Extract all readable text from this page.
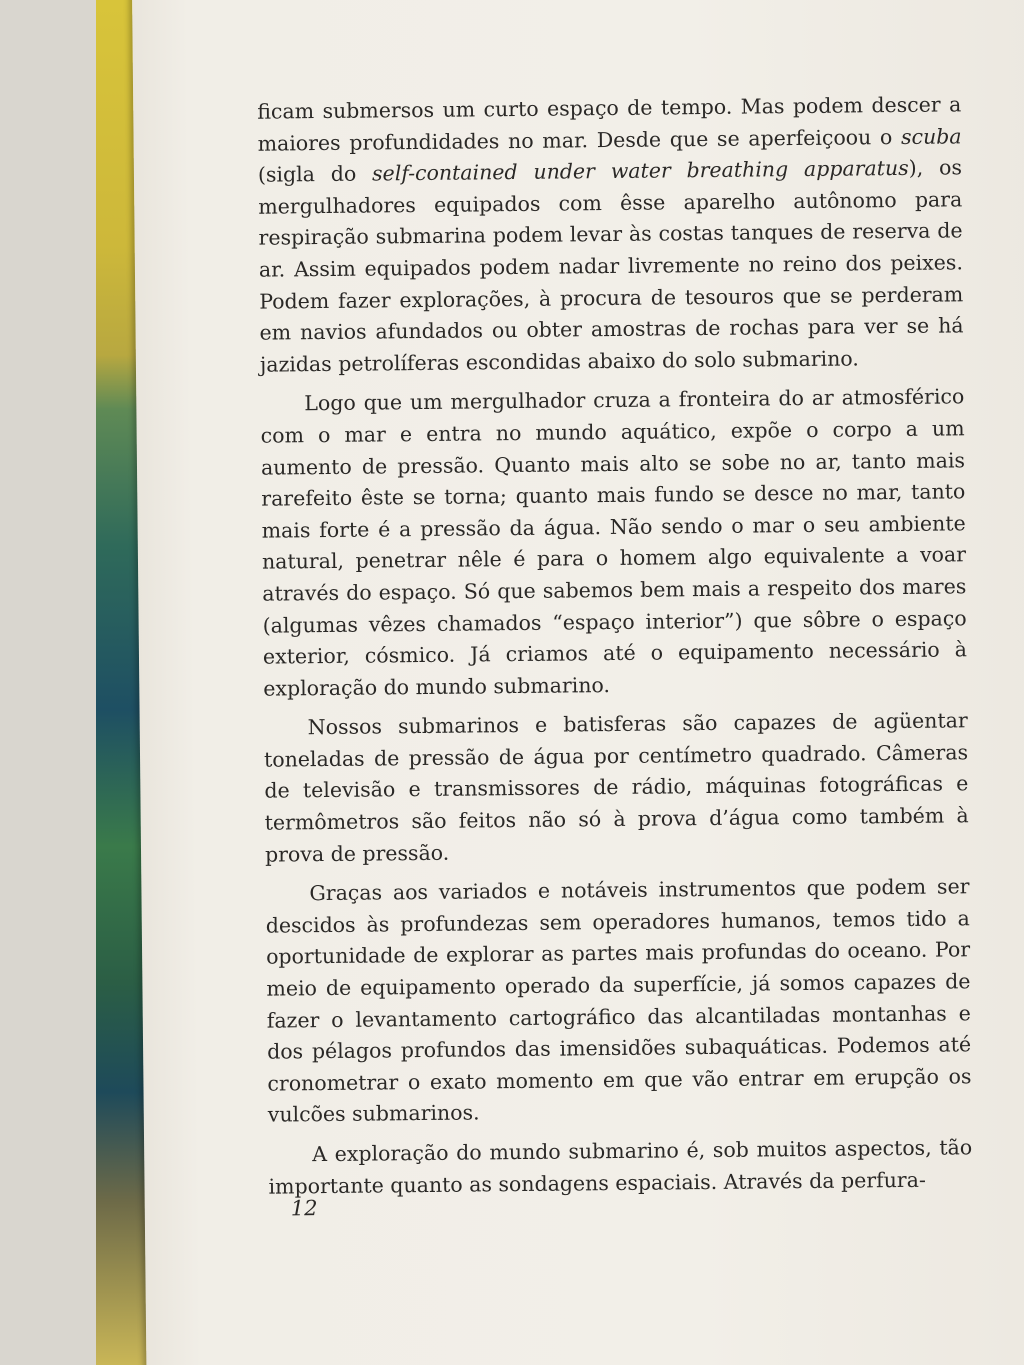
ficam submersos um curto espaço de tempo. Mas podem descer a maiores profundidades no mar. Desde que se aperfeiçoou o scuba (sigla do self-contained under water breathing apparatus), os mergulhadores equipados com êsse aparelho autônomo para respiração submarina podem levar às costas tanques de reserva de ar. Assim equipados podem nadar livremente no reino dos peixes. Podem fazer explorações, à procura de tesouros que se perderam em navios afundados ou obter amostras de rochas para ver se há jazidas petrolíferas escondidas abaixo do solo submarino.

Logo que um mergulhador cruza a fronteira do ar atmosférico com o mar e entra no mundo aquático, expõe o corpo a um aumento de pressão. Quanto mais alto se sobe no ar, tanto mais rarefeito êste se torna; quanto mais fundo se desce no mar, tanto mais forte é a pressão da água. Não sendo o mar o seu ambiente natural, penetrar nêle é para o homem algo equivalente a voar através do espaço. Só que sabemos bem mais a respeito dos mares (algumas vêzes chamados “espaço interior”) que sôbre o espaço exterior, cósmico. Já criamos até o equipamento necessário à exploração do mundo submarino.

Nossos submarinos e batisferas são capazes de agüentar toneladas de pressão de água por centímetro quadrado. Câmeras de televisão e transmissores de rádio, máquinas fotográficas e termômetros são feitos não só à prova d’água como também à prova de pressão.

Graças aos variados e notáveis instrumentos que podem ser descidos às profundezas sem operadores humanos, temos tido a oportunidade de explorar as partes mais profundas do oceano. Por meio de equipamento operado da superfície, já somos capazes de fazer o levantamento cartográfico das alcantiladas montanhas e dos pélagos profundos das imensidões subaquáticas. Podemos até cronometrar o exato momento em que vão entrar em erupção os vulcões submarinos.

A exploração do mundo submarino é, sob muitos aspectos, tão importante quanto as sondagens espaciais. Através da perfura-

12
